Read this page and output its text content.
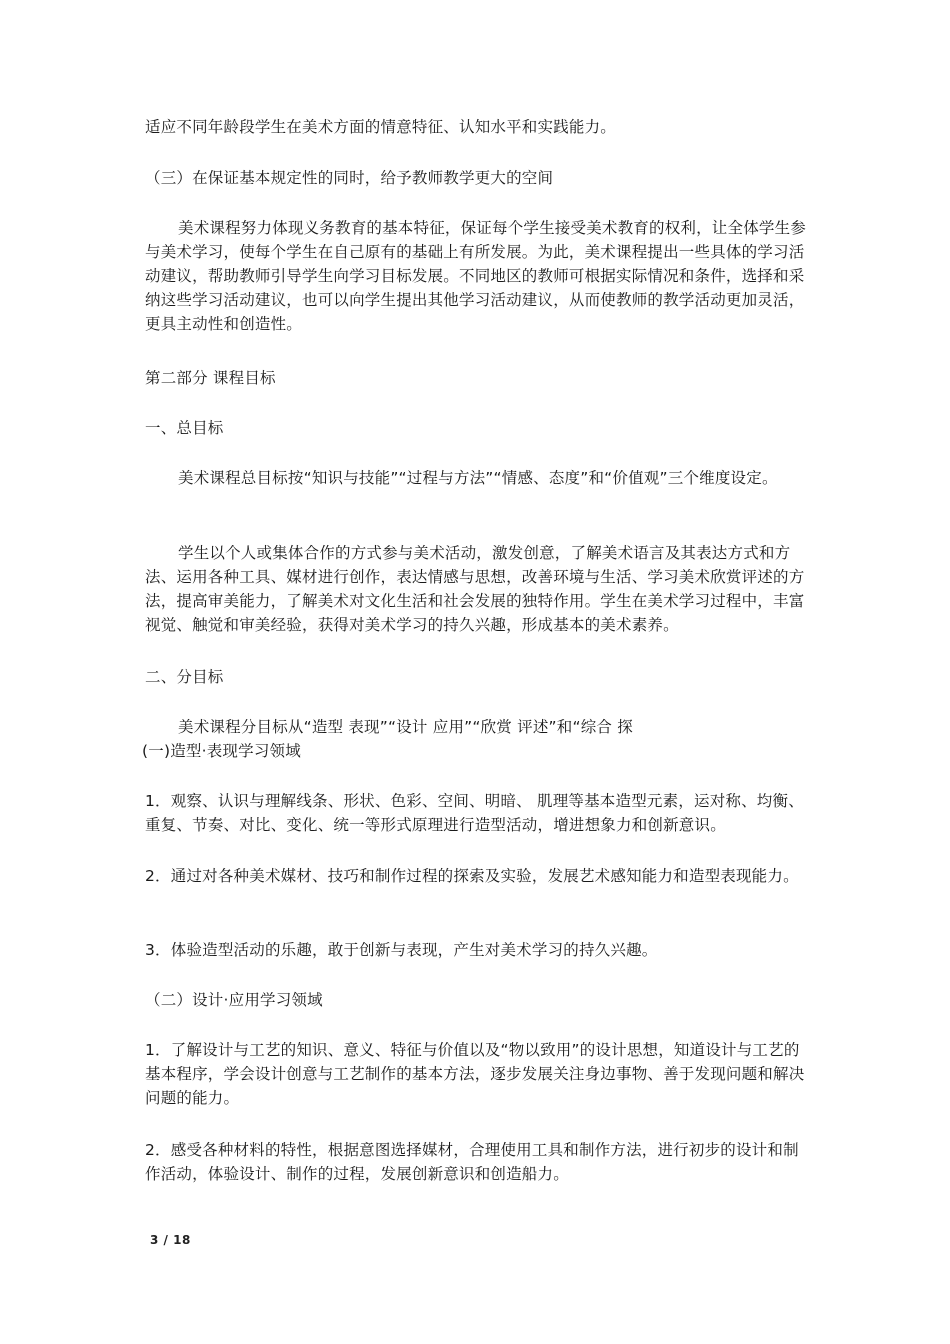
适应不同年龄段学生在美术方面的情意特征、认知水平和实践能力。

（三）在保证基本规定性的同时，给予教师教学更大的空间

美术课程努力体现义务教育的基本特征，保证每个学生接受美术教育的权利，让全体学生参与美术学习，使每个学生在自己原有的基础上有所发展。为此，美术课程提出一些具体的学习活动建议，帮助教师引导学生向学习目标发展。不同地区的教师可根据实际情况和条件，选择和采纳这些学习活动建议，也可以向学生提出其他学习活动建议，从而使教师的教学活动更加灵活，更具主动性和创造性。

第二部分 课程目标

一、总目标

美术课程总目标按“知识与技能”“过程与方法”“情感、态度”和“价值观”三个维度设定。

学生以个人或集体合作的方式参与美术活动，激发创意，了解美术语言及其表达方式和方法、运用各种工具、媒材进行创作，表达情感与思想，改善环境与生活、学习美术欣赏评述的方法，提高审美能力，了解美术对文化生活和社会发展的独特作用。学生在美术学习过程中，丰富视觉、触觉和审美经验，获得对美术学习的持久兴趣，形成基本的美术素养。

二、分目标

美术课程分目标从“造型 表现”“设计 应用”“欣赏 评述”和“综合 探

(一)造型·表现学习领域

1．观察、认识与理解线条、形状、色彩、空间、明暗、 肌理等基本造型元素，运对称、均衡、重复、节奏、对比、变化、统一等形式原理进行造型活动，增进想象力和创新意识。

2．通过对各种美术媒材、技巧和制作过程的探索及实验，发展艺术感知能力和造型表现能力。

3．体验造型活动的乐趣，敢于创新与表现，产生对美术学习的持久兴趣。

（二）设计·应用学习领域

1．了解设计与工艺的知识、意义、特征与价值以及“物以致用”的设计思想，知道设计与工艺的基本程序，学会设计创意与工艺制作的基本方法，逐步发展关注身边事物、善于发现问题和解决问题的能力。

2．感受各种材料的特性，根据意图选择媒材，合理使用工具和制作方法，进行初步的设计和制作活动，体验设计、制作的过程，发展创新意识和创造船力。

3 / 18
